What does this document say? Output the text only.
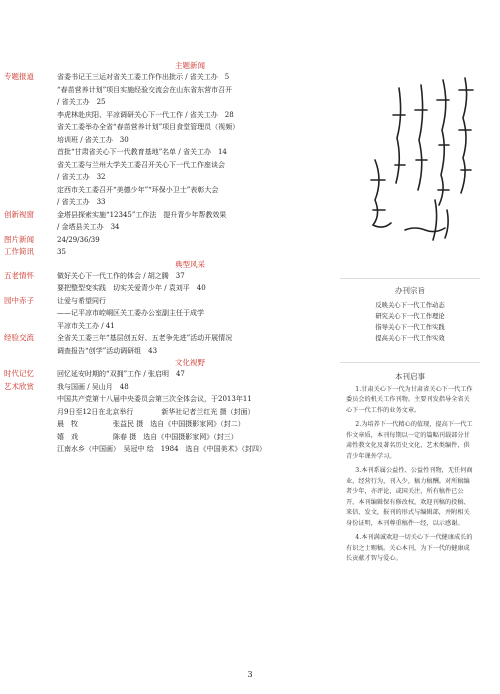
主题新闻
专题报道	省委书记王三运对省关工委工作作出批示 / 省关工办　5
“春苗营养计划”项目实施经验交流会在山东省东营市召开
/ 省关工办　25
李虎林赴庆阳、平凉调研关心下一代工作 / 省关工办　28
省关工委举办全省“春苗营养计划”项目食堂管理员（视频）
培训班 / 省关工办　30
首批“甘肃省关心下一代教育基地”名单 / 省关工办　14
省关工委与兰州大学关工委召开关心下一代工作座谈会
/ 省关工办　32
定西市关工委召开“美德少年”“环保小卫士”表彰大会
/ 省关工办　33
创新视窗	金塔县探索实施“12345”工作法　提升青少年帮教效果
/ 金塔县关工办　34
图片新闻	24/29/36/39
工作简讯	35
典型风采
五老情怀	做好关心下一代工作的体会 / 胡之腾　37
要把整型变实践　切实关爱青少年 / 袁刘平　40
园中赤子	让爱与希望同行
——记平凉市崆峒区关工委办公室副主任于成学
平凉市关工办 / 41
经验交流	全省关工委三年“基层创五好、五老争先进”活动开展情况
调查报告“创学”活动调研组　43
文化视野
时代记忆	回忆延安时期的“双拥”工作 / 张启明　47
艺术欣赏	我与国画 / 吴山月　48
中国共产党第十八届中央委员会第三次全体会议，于2013年11
月9日至12日在北京举行　　　　新华社记者兰红光 摄（封面）
晨　牧　　　　　张益民 摄　选自《中国摄影家网》（封二）
嬉　戏　　　　　陈春 摄　选自《中国摄影家网》（封三）
江南水乡（中国画）　吴冠中 绘　1984　选自《中国美术》（封四）
办刊宗旨
反映关心下一代工作动态
研究关心下一代工作理论
指导关心下一代工作实践
提高关心下一代工作实效
本刊启事

1.甘肃关心下一代为甘肃省关心下一代工作委员会的机关工作刊物。主要刊发指导全省关心下一代工作的业务文章。

2.为培养下一代精心的值现，提高下一代工作文章质，本刊每期以一定的篇幅刊载部分甘肃性教文化及著名历史文化，艺术类编件，供青少年课外学习。

3.本刊系属公益性、公益性刊物，无任何商业，经营行为，刊入少，稿力稿酬。对所稿编者少年，亦评论，或国关注，所有稿件已公开，本刊编辑保有修改权，欢迎刊稿的投稿、来信、发文，报刊的形式与编辑部，并附相关身份证明，本刊尊重稿件一经，以示感谢。

4.本刊满诚欢迎一切关心下一代健康成长的有识之士赐稿。关心本刊，为下一代的健康成长贡献才智与爱心。

3
